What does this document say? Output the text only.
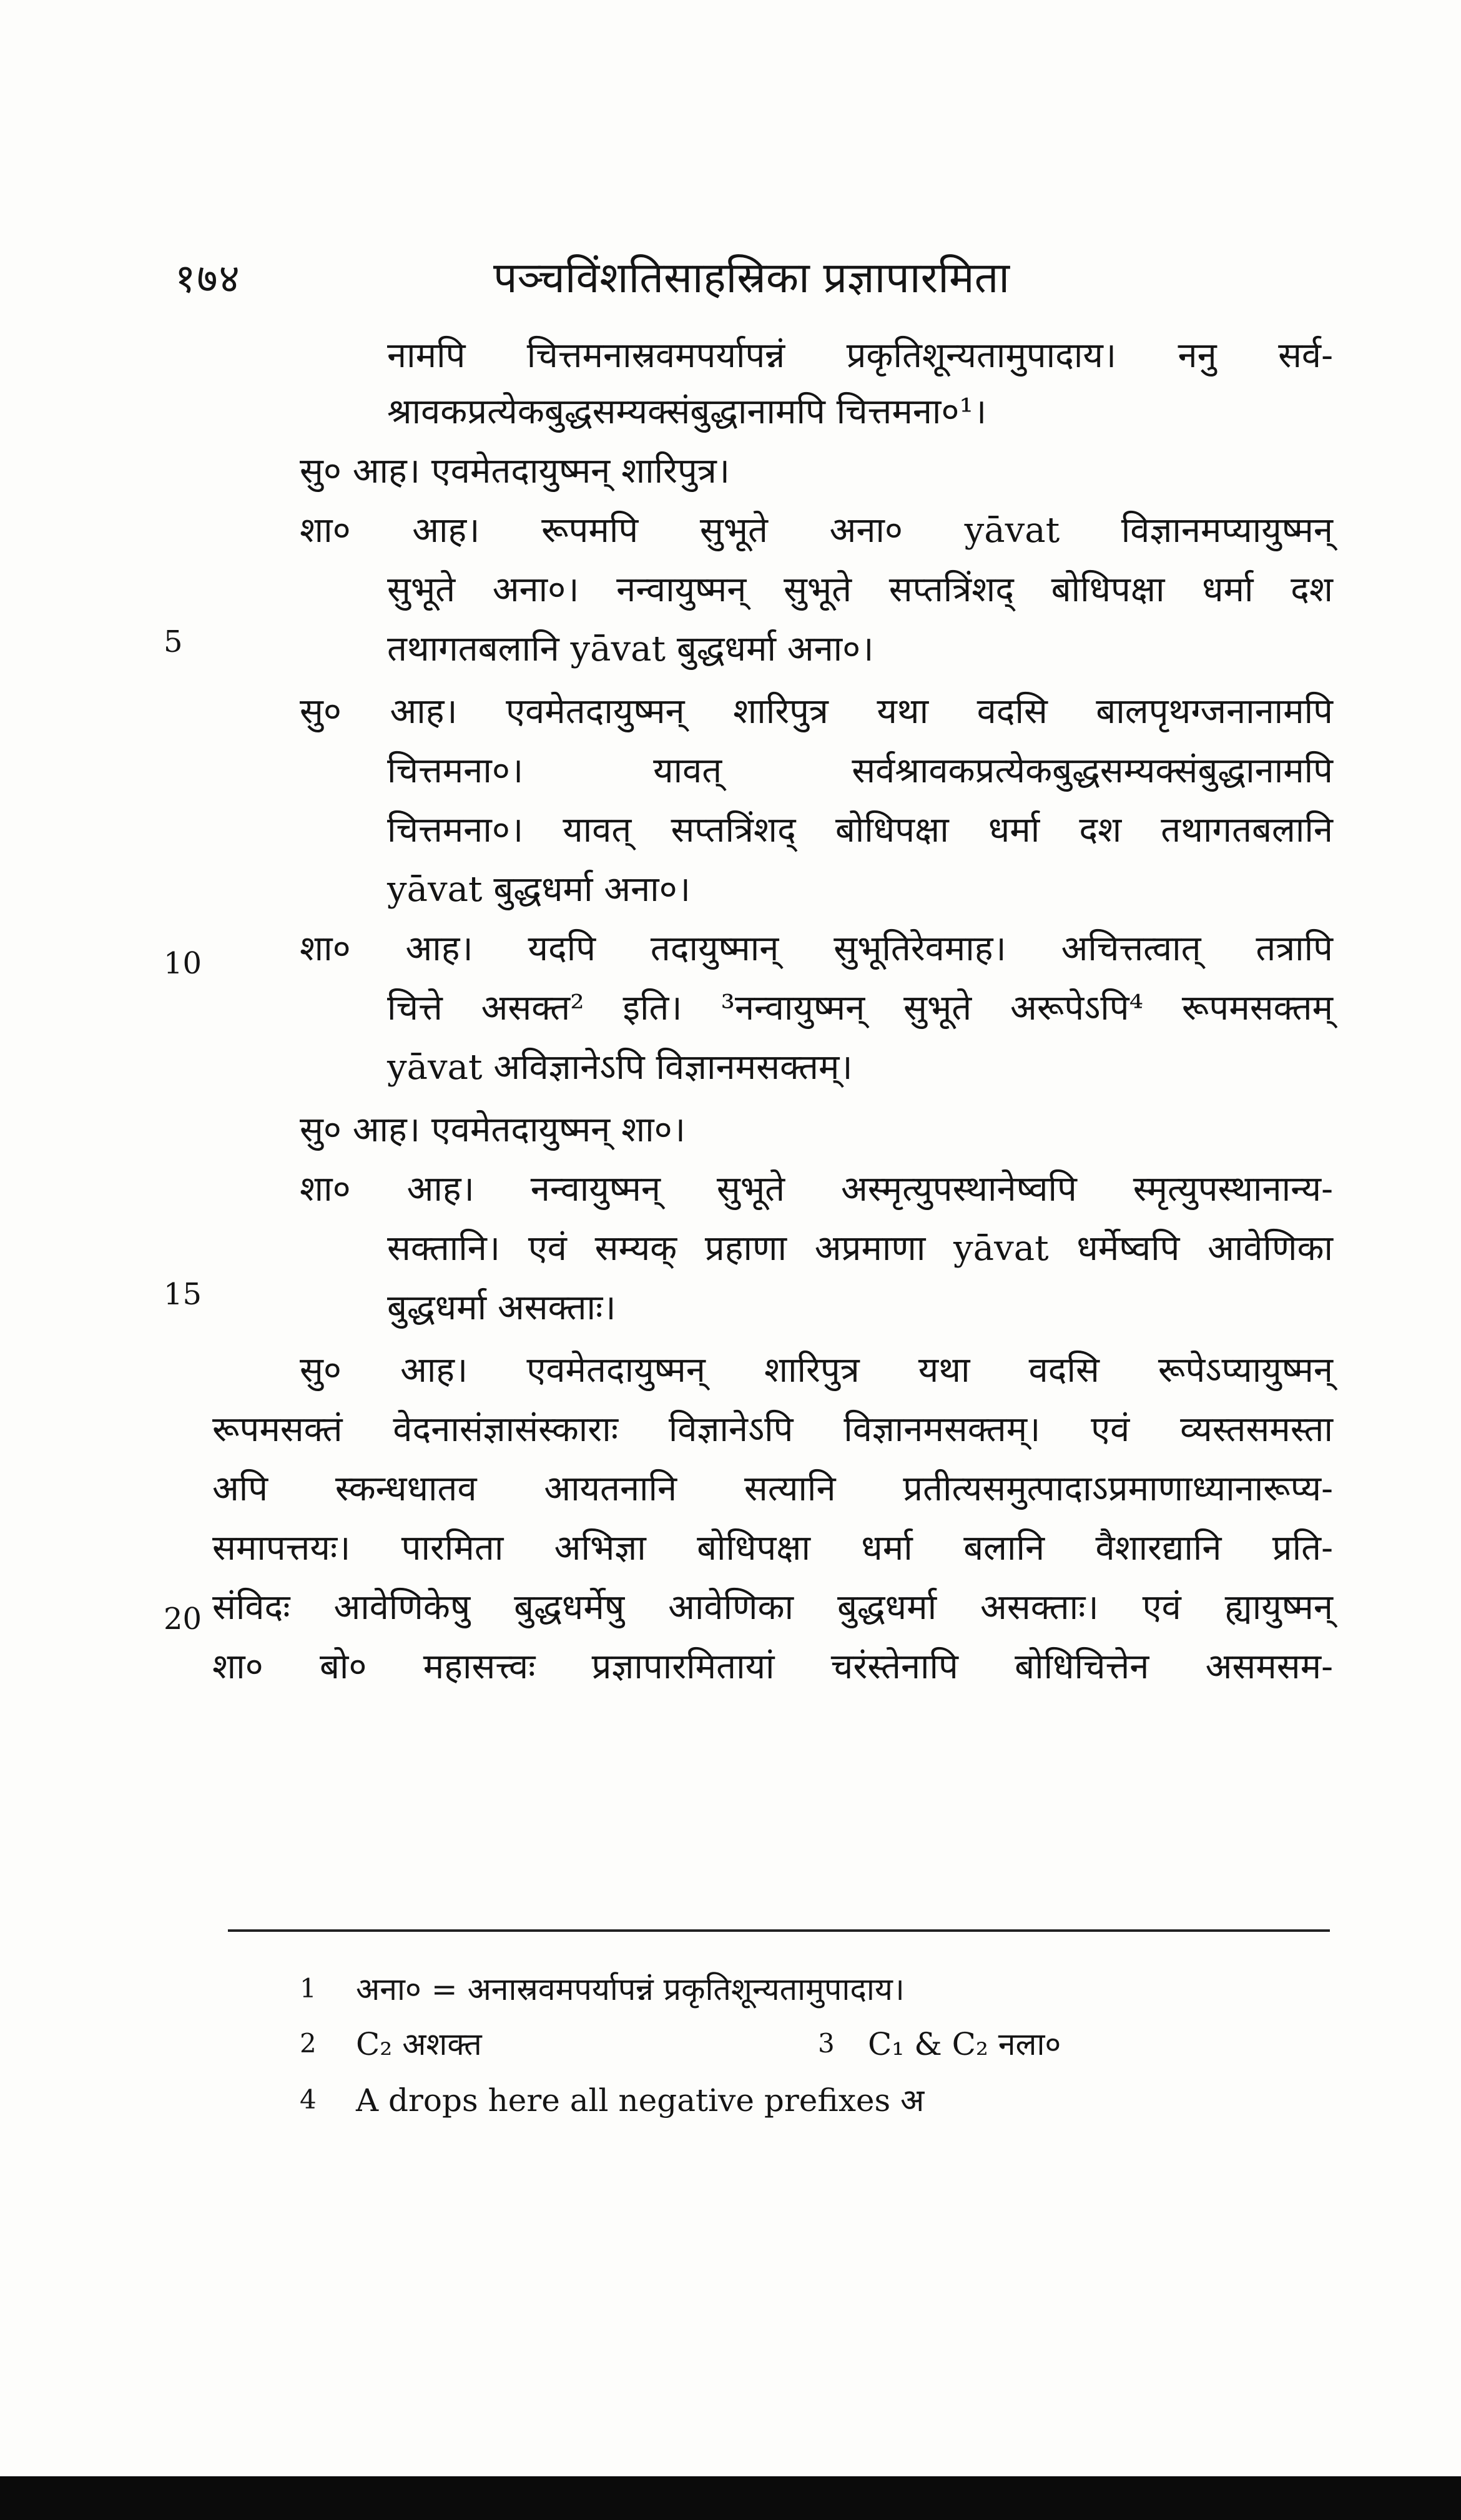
१७४	पञ्चविंशतिसाहस्रिका प्रज्ञापारमिता
नामपि चित्तमनास्रवमपर्यापन्नं प्रकृतिशून्यतामुपादाय। ननु सर्व-
श्रावकप्रत्येकबुद्धसम्यक्संबुद्धानामपि चित्तमना०¹।
सु० आह। एवमेतदायुष्मन् शारिपुत्र।
शा० आह। रूपमपि सुभूते अना० yāvat विज्ञानमप्यायुष्मन्
सुभूते अना०। नन्वायुष्मन् सुभूते सप्तत्रिंशद् बोधिपक्षा धर्मा दश
तथागतबलानि yāvat बुद्धधर्मा अना०।
सु० आह। एवमेतदायुष्मन् शारिपुत्र यथा वदसि बालपृथग्जनानामपि
चित्तमना०। यावत् सर्वश्रावकप्रत्येकबुद्धसम्यक्संबुद्धानामपि
चित्तमना०। यावत् सप्तत्रिंशद् बोधिपक्षा धर्मा दश तथागतबलानि
yāvat बुद्धधर्मा अना०।
शा० आह। यदपि तदायुष्मान् सुभूतिरेवमाह। अचित्तत्वात् तत्रापि
चित्ते असक्त² इति। ³नन्वायुष्मन् सुभूते अरूपेऽपि⁴ रूपमसक्तम्
yāvat अविज्ञानेऽपि विज्ञानमसक्तम्।
सु० आह। एवमेतदायुष्मन् शा०।
शा० आह। नन्वायुष्मन् सुभूते अस्मृत्युपस्थानेष्वपि स्मृत्युपस्थानान्य-
सक्तानि। एवं सम्यक् प्रहाणा अप्रमाणा yāvat धर्मेष्वपि आवेणिका
बुद्धधर्मा असक्ताः।
सु० आह। एवमेतदायुष्मन् शारिपुत्र यथा वदसि रूपेऽप्यायुष्मन्
रूपमसक्तं वेदनासंज्ञासंस्काराः विज्ञानेऽपि विज्ञानमसक्तम्। एवं व्यस्तसमस्ता
अपि स्कन्धधातव आयतनानि सत्यानि प्रतीत्यसमुत्पादाऽप्रमाणाध्यानारूप्य-
समापत्तयः। पारमिता अभिज्ञा बोधिपक्षा धर्मा बलानि वैशारद्यानि प्रति-
संविदः आवेणिकेषु बुद्धधर्मेषु आवेणिका बुद्धधर्मा असक्ताः। एवं ह्यायुष्मन्
शा० बो० महासत्त्वः प्रज्ञापारमितायां चरंस्तेनापि बोधिचित्तेन असमसम-
5
10
15
20
1 अना० = अनास्रवमपर्यापन्नं प्रकृतिशून्यतामुपादाय।
2 C₂ अशक्त	3 C₁ & C₂ नला०
4 A drops here all negative prefixes अ
